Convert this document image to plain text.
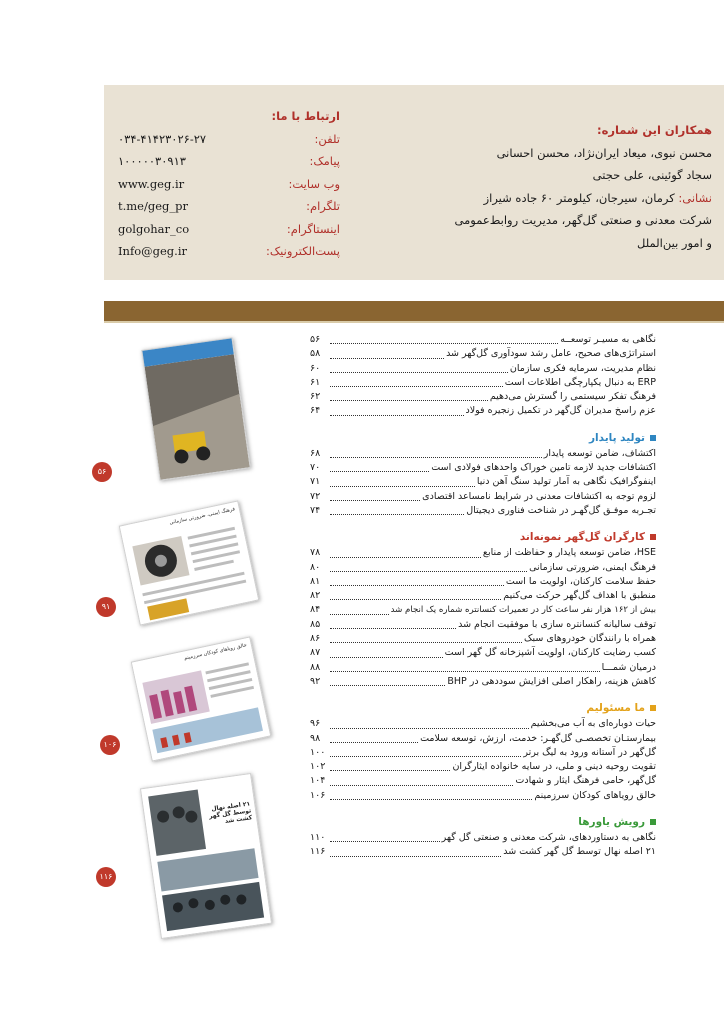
همکاران این شماره:
محسن نبوی، میعاد ایران‌نژاد، محسن احسانی
سجاد گوئینی، علی حجتی
نشانی: کرمان، سیرجان، کیلومتر ۶۰ جاده شیراز
شرکت معدنی و صنعتی گل‌گهر، مدیریت روابط‌عمومی
و امور بین‌الملل
ارتباط با ما:
تلفن:
۰۳۴-۴۱۴۲۳۰۲۶-۲۷
پیامک:
۱۰۰۰۰۰۳۰۹۱۳
وب سایت:
www.geg.ir
تلگرام:
t.me/geg_pr
اینستاگرام:
golgohar_co
پست‌الکترونیک:
Info@geg.ir
۵۶
فرهنگ ایمنی، ضرورتی سازمانی
۹۱
خالق رویاهای کودکان سرزمینم
۱۰۶
۲۱ اصله نهال توسط گل گهر کشت شد
۱۱۶
نگاهی به مسیـر توسعــه
۵۶
استراتژی‌های صحیح، عامل رشد سودآوری گل‌گهر شد
۵۸
نظام مدیریت، سرمایه فکری سازمان
۶۰
ERP به دنبال یکپارچگی اطلاعات است
۶۱
فرهنگ تفکر سیستمی را گسترش می‌دهیم
۶۲
عزم راسخ مدیران گل‌گهر در تکمیل زنجیره فولاد
۶۴
تولید پایدار
اکتشاف، ضامن توسعه پایدار
۶۸
اکتشافات جدید لازمه تامین خوراک واحدهای فولادی است
۷۰
اینفوگرافیک نگاهی به آمار تولید سنگ آهن دنیا
۷۱
لزوم توجه به اکتشافات معدنی در شرایط نامساعد اقتصادی
۷۲
تجـربه موفـق گل‌گهـر در شناخت فناوری دیجیتال
۷۴
کارگران گل‌گهر نمونه‌اند
HSE، ضامن توسعه پایدار و حفاظت از منابع
۷۸
فرهنگ ایمنی، ضرورتی سازمانی
۸۰
حفظ سلامت کارکنان، اولویت ما است
۸۱
منطبق با اهداف گل‌گهر حرکت می‌کنیم
۸۲
بیش از ۱۶۲ هزار نفر ساعت کار در تعمیرات کنسانتره شماره یک انجام شد
۸۴
توقف سالیانه کنسانتره سازی با موفقیت انجام شد
۸۵
همراه با رانندگان خودروهای سبک
۸۶
کسب رضایت کارکنان، اولویت آشپزخانه گل گهر است
۸۷
درمیان شمـــا
۸۸
کاهش هزینه، راهکار اصلی افزایش سوددهی در BHP
۹۲
ما مسئولیم
حیات دوباره‌ای به آب می‌بخشیم
۹۶
بیمارستـان تخصصـی گل‌گهـر: خدمت، ارزش، توسعه سلامت
۹۸
گل‌گهر در آستانه ورود به لیگ برتر
۱۰۰
تقویت روحیه دینی و ملی، در سایه خانواده ایثارگران
۱۰۲
گل‌گهر، حامی فرهنگ ایثار و شهادت
۱۰۴
خالق رویاهای کودکان سرزمینم
۱۰۶
رویش یاورها
نگاهی به دستاوردهای، شرکت معدنی و صنعتی گل گهر
۱۱۰
۲۱ اصله نهال توسط گل گهر کشت شد
۱۱۶
